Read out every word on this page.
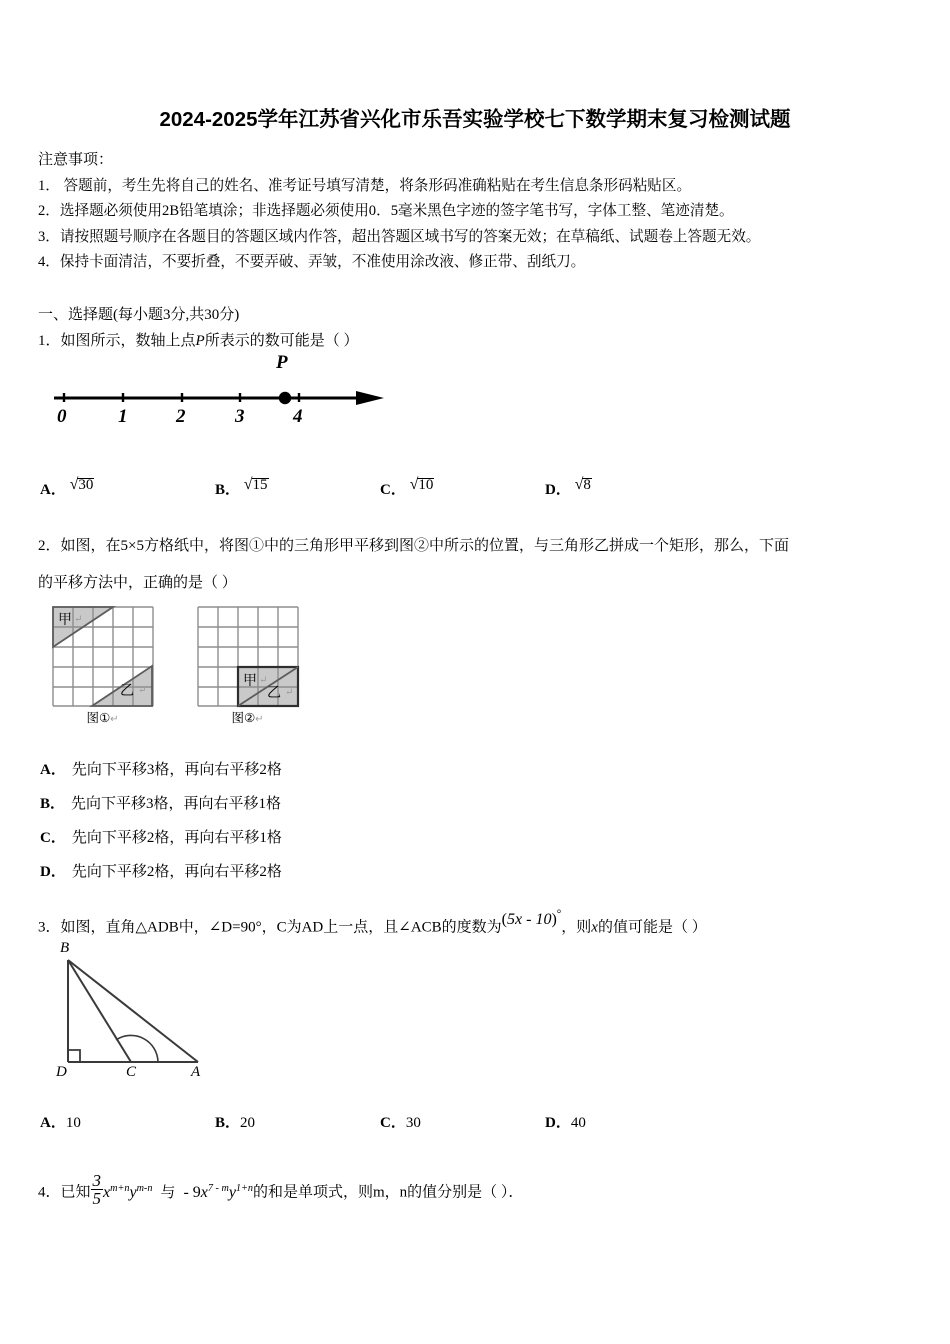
2024-2025学年江苏省兴化市乐吾实验学校七下数学期末复习检测试题
注意事项：
1． 答题前，考生先将自己的姓名、准考证号填写清楚，将条形码准确粘贴在考生信息条形码粘贴区。
2．选择题必须使用2B铅笔填涂；非选择题必须使用0．5毫米黑色字迹的签字笔书写，字体工整、笔迹清楚。
3．请按照题号顺序在各题目的答题区域内作答，超出答题区域书写的答案无效；在草稿纸、试题卷上答题无效。
4．保持卡面清洁，不要折叠，不要弄破、弄皱，不准使用涂改液、修正带、刮纸刀。
一、选择题(每小题3分,共30分)
1．如图所示，数轴上点P所表示的数可能是（ ）
P
0	1	2	3	4
A． √30	B． √15	C． √10	D． √8
2．如图，在5×5方格纸中，将图①中的三角形甲平移到图②中所示的位置，与三角形乙拼成一个矩形，那么，下面
的平移方法中，正确的是（ ）
甲 ↵
乙 ↵
图①↵
甲 ↵
乙 ↵
图②↵
A． 先向下平移3格，再向右平移2格
B． 先向下平移3格，再向右平移1格
C． 先向下平移2格，再向右平移1格
D． 先向下平移2格，再向右平移2格
3．如图，直角△ADB中，∠D=90°，C为AD上一点，且∠ACB的度数为(5x - 10)°，则x的值可能是（ ）
B
D	C	A
A．10	B．20	C．30	D．40
4．已知 $\frac{3}{5} x^{m+n}y^{m-n}$ 与 - $9x^{7 - m}y^{1+n}$的和是单项式，则m，n的值分别是（ ）．
